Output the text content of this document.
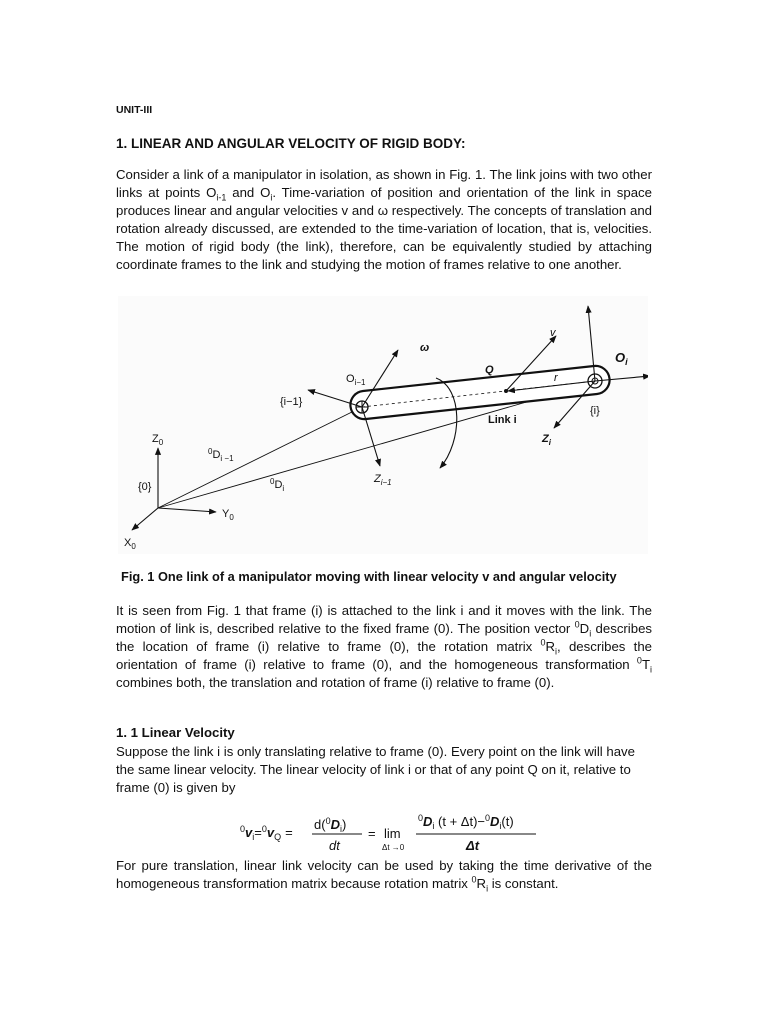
UNIT-III
1. LINEAR AND ANGULAR VELOCITY OF RIGID BODY:

Consider a link of a manipulator in isolation, as shown in Fig. 1. The link joins with two other links at points $O_{i-1}$ and $O_i$. Time-variation of position and orientation of the link in space produces linear and angular velocities v and ω respectively. The concepts of translation and rotation already discussed, are extended to the time-variation of location, that is, velocities. The motion of rigid body (the link), therefore, can be equivalently studied by attaching coordinate frames to the link and studying the motion of frames relative to one another.

$Z_0$
{0}
$Y_0$
$X_0$
$^0D_{i -1}$
$^0D_i$
$O_{i-1}$
{i−1}
ω
Q
v
$O_i$
r
Link i
{i}
$Z_i$
$Z_{i-1}$
Fig. 1 One link of a manipulator moving with linear velocity v and angular velocity

It is seen from Fig. 1 that frame (i) is attached to the link i and it moves with the link. The motion of link is, described relative to the fixed frame (0). The position vector $^0D_i$ describes the location of frame (i) relative to frame (0), the rotation matrix $^0R_i$, describes the orientation of frame (i) relative to frame (0), and the homogeneous transformation $^0T_i$ combines both, the translation and rotation of frame (i) relative to frame (0).

1. 1 Linear Velocity

Suppose the link i is only translating relative to frame (0). Every point on the link will have the same linear velocity. The linear velocity of link i or that of any point Q on it, relative to frame (0) is given by

$^0v_i=^0v_Q$ =
$d(^0D_i)$
dt
= lim
Δt →0
$^0D_i$ $(t + \Delta t)-^0D_i(t)$
Δt

For pure translation, linear link velocity can be used by taking the time derivative of the homogeneous transformation matrix because rotation matrix $^0R_i$ is constant.
